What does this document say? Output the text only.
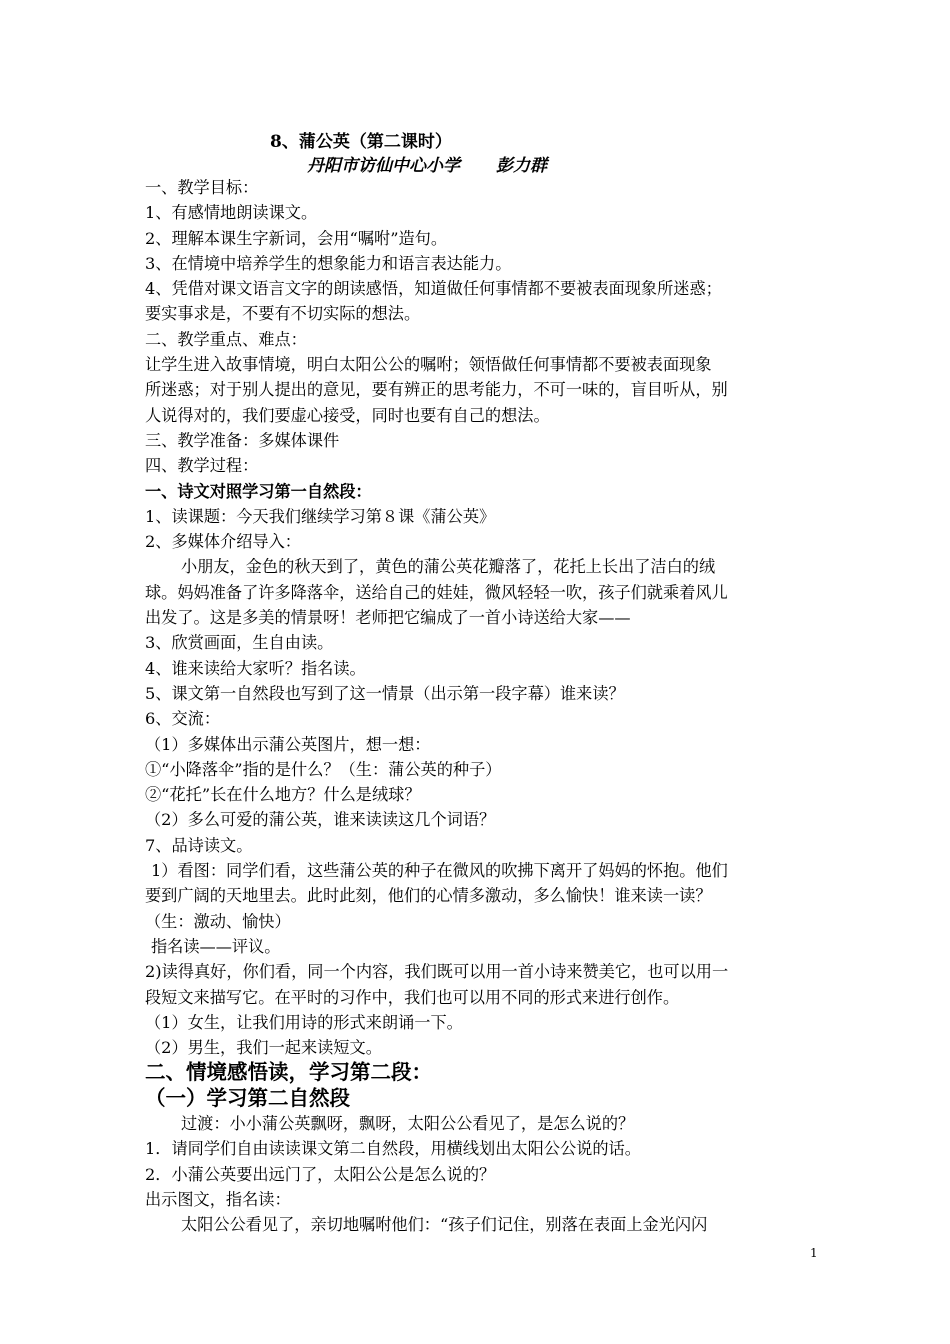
8、蒲公英（第二课时）
丹阳市访仙中心小学 彭力群
一、教学目标：
1、有感情地朗读课文。
2、理解本课生字新词，会用“嘱咐”造句。
3、在情境中培养学生的想象能力和语言表达能力。
4、凭借对课文语言文字的朗读感悟，知道做任何事情都不要被表面现象所迷惑；
要实事求是，不要有不切实际的想法。
二、教学重点、难点：
让学生进入故事情境，明白太阳公公的嘱咐；领悟做任何事情都不要被表面现象
所迷惑；对于别人提出的意见，要有辨正的思考能力，不可一味的，盲目听从，别
人说得对的，我们要虚心接受，同时也要有自己的想法。
三、教学准备：多媒体课件
四、教学过程：
一、诗文对照学习第一自然段：
1、读课题：今天我们继续学习第８课《蒲公英》
2、多媒体介绍导入：
小朋友，金色的秋天到了，黄色的蒲公英花瓣落了，花托上长出了洁白的绒
球。妈妈准备了许多降落伞，送给自己的娃娃，微风轻轻一吹，孩子们就乘着风儿
出发了。这是多美的情景呀！老师把它编成了一首小诗送给大家——
3、欣赏画面，生自由读。
4、谁来读给大家听？指名读。
5、课文第一自然段也写到了这一情景（出示第一段字幕）谁来读？
6、交流：
（1）多媒体出示蒲公英图片，想一想：
①“小降落伞”指的是什么？（生：蒲公英的种子）
②“花托”长在什么地方？什么是绒球？
（2）多么可爱的蒲公英，谁来读读这几个词语？
7、品诗读文。
1）看图：同学们看，这些蒲公英的种子在微风的吹拂下离开了妈妈的怀抱。他们
要到广阔的天地里去。此时此刻，他们的心情多激动，多么愉快！谁来读一读？
（生：激动、愉快）
指名读——评议。
2)读得真好，你们看，同一个内容，我们既可以用一首小诗来赞美它，也可以用一
段短文来描写它。在平时的习作中，我们也可以用不同的形式来进行创作。
（1）女生，让我们用诗的形式来朗诵一下。
（2）男生，我们一起来读短文。
二、情境感悟读，学习第二段：
（一）学习第二自然段
过渡：小小蒲公英飘呀，飘呀，太阳公公看见了，是怎么说的？
1．请同学们自由读读课文第二自然段，用横线划出太阳公公说的话。
2．小蒲公英要出远门了，太阳公公是怎么说的？
出示图文，指名读：
太阳公公看见了，亲切地嘱咐他们：“孩子们记住，别落在表面上金光闪闪
1
